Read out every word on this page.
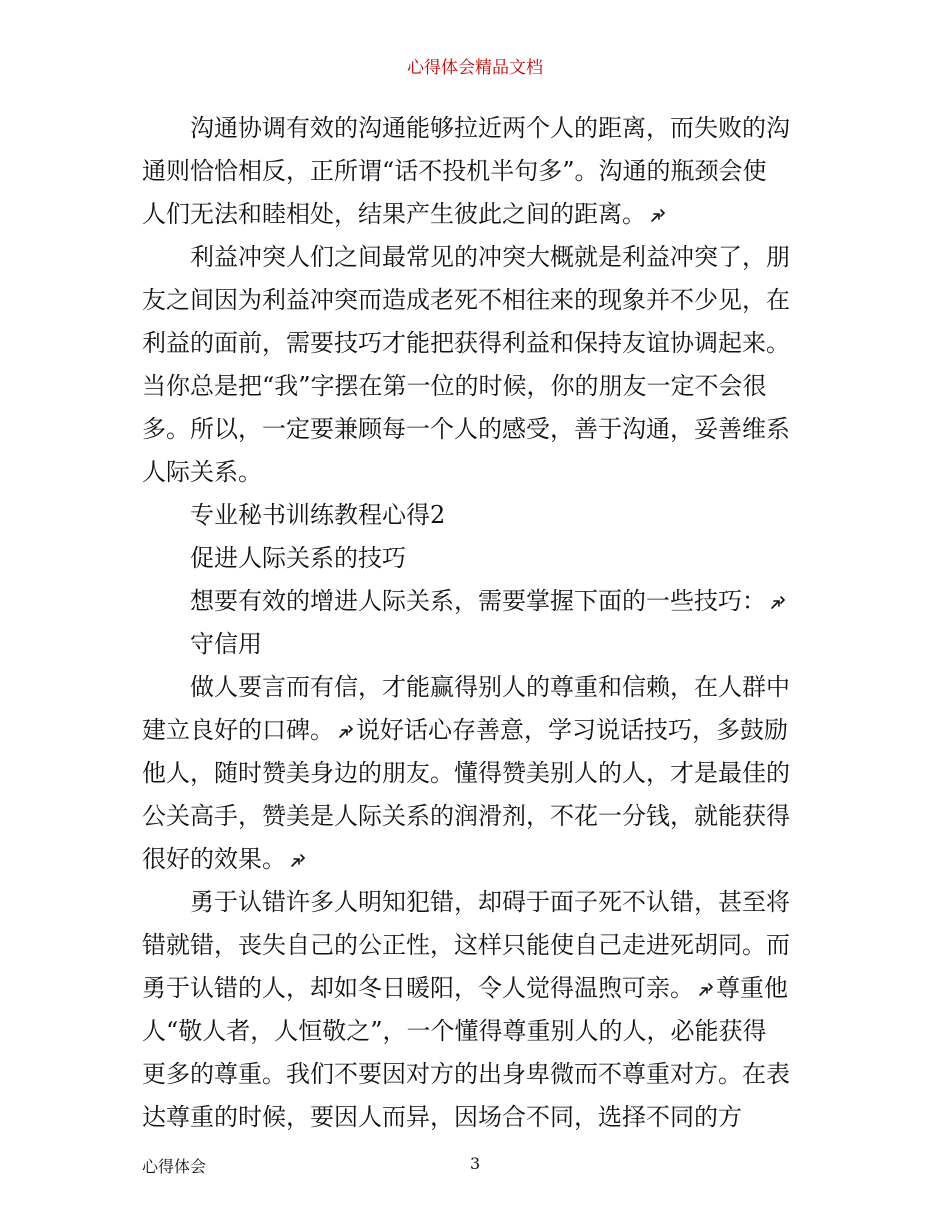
心得体会精品文档
沟通协调有效的沟通能够拉近两个人的距离，而失败的沟
通则恰恰相反，正所谓“话不投机半句多”。沟通的瓶颈会使
人们无法和睦相处，结果产生彼此之间的距离。
利益冲突人们之间最常见的冲突大概就是利益冲突了，朋
友之间因为利益冲突而造成老死不相往来的现象并不少见，在
利益的面前，需要技巧才能把获得利益和保持友谊协调起来。
当你总是把“我”字摆在第一位的时候，你的朋友一定不会很
多。所以，一定要兼顾每一个人的感受，善于沟通，妥善维系
人际关系。
专业秘书训练教程心得2
促进人际关系的技巧
想要有效的增进人际关系，需要掌握下面的一些技巧：
守信用
做人要言而有信，才能赢得别人的尊重和信赖，在人群中
建立良好的口碑。 说好话心存善意，学习说话技巧，多鼓励
他人，随时赞美身边的朋友。懂得赞美别人的人，才是最佳的
公关高手，赞美是人际关系的润滑剂，不花一分钱，就能获得
很好的效果。
勇于认错许多人明知犯错，却碍于面子死不认错，甚至将
错就错，丧失自己的公正性，这样只能使自己走进死胡同。而
勇于认错的人，却如冬日暖阳，令人觉得温煦可亲。 尊重他
人“敬人者，人恒敬之”，一个懂得尊重别人的人，必能获得
更多的尊重。我们不要因对方的出身卑微而不尊重对方。在表
达尊重的时候，要因人而异，因场合不同，选择不同的方
心得体会	3
